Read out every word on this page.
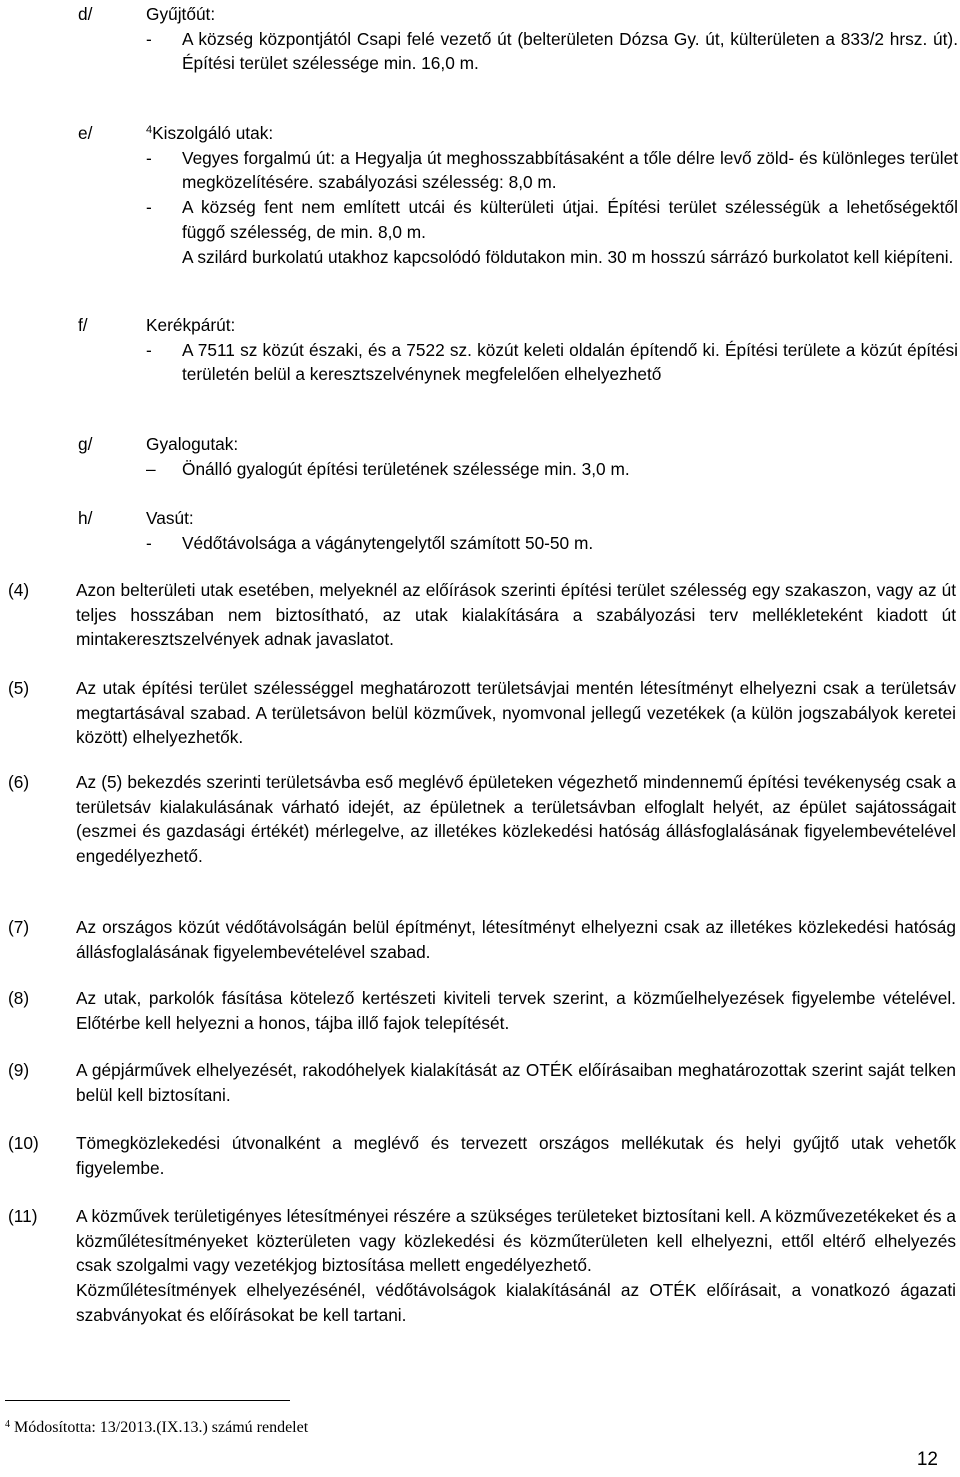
d/	Gyűjtőút:
-	A község központjától Csapi felé vezető út (belterületen Dózsa Gy. út, külterületen a 833/2 hrsz. út). Építési terület szélessége min. 16,0 m.
e/	$^4$Kiszolgáló utak:
-	Vegyes forgalmú út: a Hegyalja út meghosszabbításaként a tőle délre levő zöld- és különleges terület megközelítésére. szabályozási szélesség: 8,0 m.
-	A község fent nem említett utcái és külterületi útjai. Építési terület szélességük a lehetőségektől függő szélesség, de min. 8,0 m.
A szilárd burkolatú utakhoz kapcsolódó földutakon min. 30 m hosszú sárrázó burkolatot kell kiépíteni.
f/	Kerékpárút:
-	A 7511 sz közút északi, és a 7522 sz. közút keleti oldalán építendő ki. Építési területe a közút építési területén belül a keresztszelvénynek megfelelően elhelyezhető
g/	Gyalogutak:
–	Önálló gyalogút építési területének szélessége min. 3,0 m.
h/	Vasút:
-	Védőtávolsága a vágánytengelytől számított 50-50 m.
(4)	Azon belterületi utak esetében, melyeknél az előírások szerinti építési terület szélesség egy szakaszon, vagy az út teljes hosszában nem biztosítható, az utak kialakítására a szabályozási terv mellékleteként kiadott út mintakeresztszelvények adnak javaslatot.

(5)	Az utak építési terület szélességgel meghatározott területsávjai mentén létesítményt elhelyezni csak a területsáv megtartásával szabad. A területsávon belül közművek, nyomvonal jellegű vezetékek (a külön jogszabályok keretei között) elhelyezhetők.

(6)	Az (5) bekezdés szerinti területsávba eső meglévő épületeken végezhető mindennemű építési tevékenység csak a területsáv kialakulásának várható idejét, az épületnek a területsávban elfoglalt helyét, az épület sajátosságait (eszmei és gazdasági értékét) mérlegelve, az illetékes közlekedési hatóság állásfoglalásának figyelembevételével engedélyezhető.

(7)	Az országos közút védőtávolságán belül építményt, létesítményt elhelyezni csak az illetékes közlekedési hatóság állásfoglalásának figyelembevételével szabad.

(8)	Az utak, parkolók fásítása kötelező kertészeti kiviteli tervek szerint, a közműelhelyezések figyelembe vételével. Előtérbe kell helyezni a honos, tájba illő fajok telepítését.

(9)	A gépjárművek elhelyezését, rakodóhelyek kialakítását az OTÉK előírásaiban meghatározottak szerint saját telken belül kell biztosítani.

(10) Tömegközlekedési útvonalként a meglévő és tervezett országos mellékutak és helyi gyűjtő utak vehetők figyelembe.

(11) A közművek területigényes létesítményei részére a szükséges területeket biztosítani kell. A közművezetékeket és a közműlétesítményeket közterületen vagy közlekedési és közműterületen kell elhelyezni, ettől eltérő elhelyezés csak szolgalmi vagy vezetékjog biztosítása mellett engedélyezhető.

Közműlétesítmények elhelyezésénél, védőtávolságok kialakításánál az OTÉK előírásait, a vonatkozó ágazati szabványokat és előírásokat be kell tartani.

$^4$ Módosította: 13/2013.(IX.13.) számú rendelet
12
